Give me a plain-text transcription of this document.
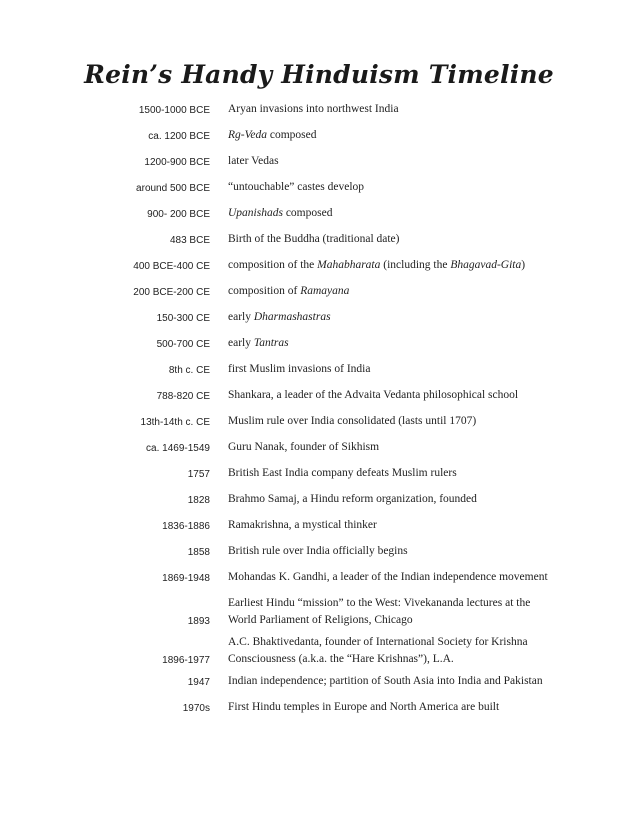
Rein’s Handy Hinduism Timeline
1500-1000 BCE Aryan invasions into northwest India
ca. 1200 BCE Rg-Veda composed
1200-900 BCE later Vedas
around 500 BCE “untouchable” castes develop
900- 200 BCE Upanishads composed
483 BCE Birth of the Buddha (traditional date)
400 BCE-400 CE composition of the Mahabharata (including the Bhagavad-Gita)
200 BCE-200 CE composition of Ramayana
150-300 CE early Dharmashastras
500-700 CE early Tantras
8th c. CE first Muslim invasions of India
788-820 CE Shankara, a leader of the Advaita Vedanta philosophical school
13th-14th c. CE Muslim rule over India consolidated (lasts until 1707)
ca. 1469-1549 Guru Nanak, founder of Sikhism
1757 British East India company defeats Muslim rulers
1828 Brahmo Samaj, a Hindu reform organization, founded
1836-1886 Ramakrishna, a mystical thinker
1858 British rule over India officially begins
1869-1948 Mohandas K. Gandhi, a leader of the Indian independence movement
1893
Earliest Hindu “mission” to the West: Vivekananda lectures at the World Parliament of Religions, Chicago
1896-1977
A.C. Bhaktivedanta, founder of International Society for Krishna Consciousness (a.k.a. the “Hare Krishnas”), L.A.
1947 Indian independence; partition of South Asia into India and Pakistan
1970s First Hindu temples in Europe and North America are built
